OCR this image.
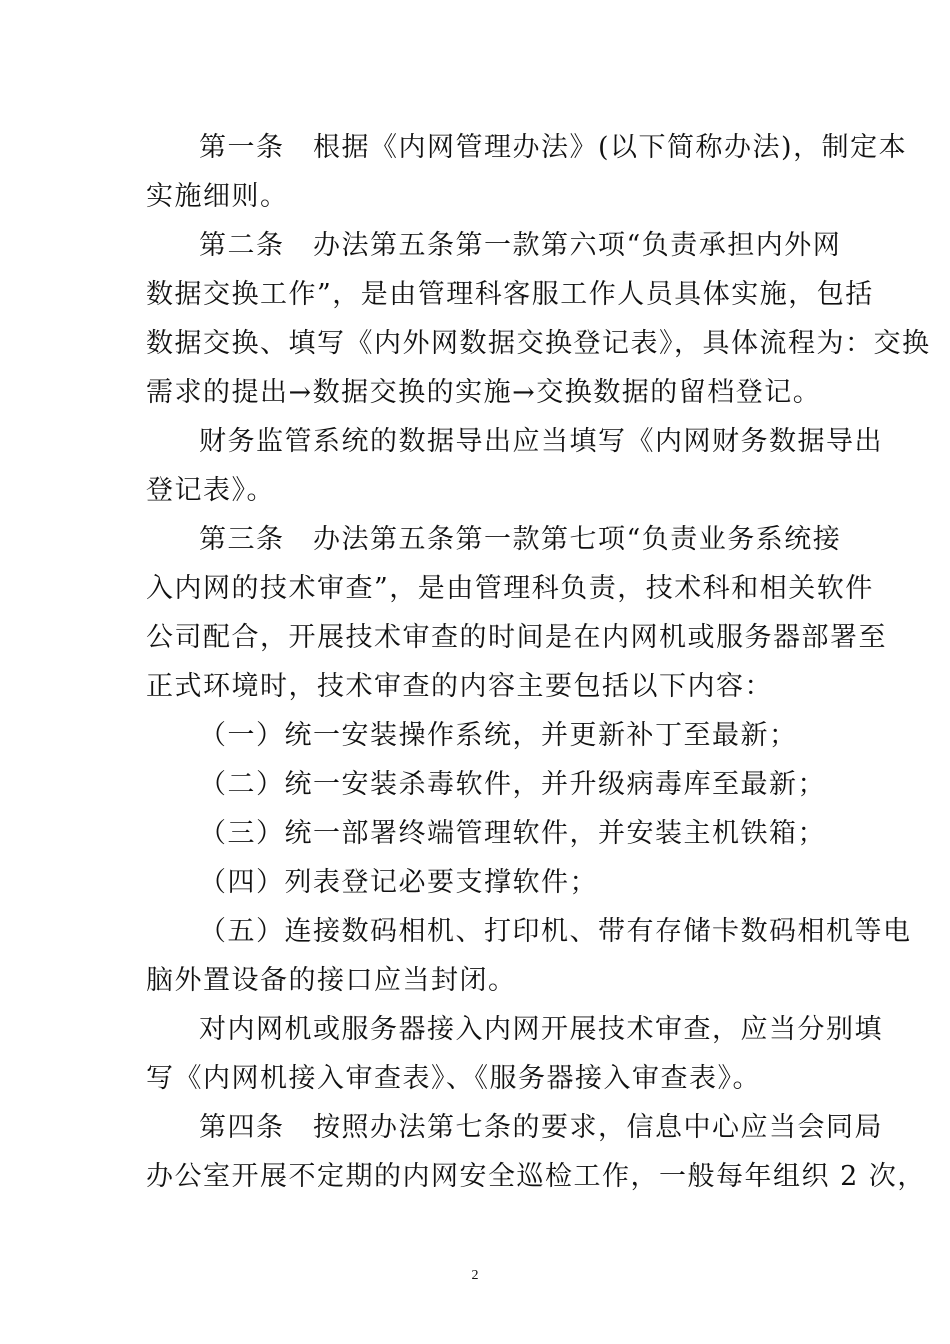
第一条　根据《内网管理办法》(以下简称办法)，制定本
实施细则。
第二条　办法第五条第一款第六项“负责承担内外网
数据交换工作”，是由管理科客服工作人员具体实施，包括
数据交换、填写《内外网数据交换登记表》，具体流程为：交换
需求的提出→数据交换的实施→交换数据的留档登记。
财务监管系统的数据导出应当填写《内网财务数据导出
登记表》。
第三条　办法第五条第一款第七项“负责业务系统接
入内网的技术审查”，是由管理科负责，技术科和相关软件
公司配合，开展技术审查的时间是在内网机或服务器部署至
正式环境时，技术审查的内容主要包括以下内容：
（一）统一安装操作系统，并更新补丁至最新；
（二）统一安装杀毒软件，并升级病毒库至最新；
（三）统一部署终端管理软件，并安装主机铁箱；
（四）列表登记必要支撑软件；
（五）连接数码相机、打印机、带有存储卡数码相机等电
脑外置设备的接口应当封闭。
对内网机或服务器接入内网开展技术审查，应当分别填
写《内网机接入审查表》、《服务器接入审查表》。
第四条　按照办法第七条的要求，信息中心应当会同局
办公室开展不定期的内网安全巡检工作，一般每年组织 2 次，
2
